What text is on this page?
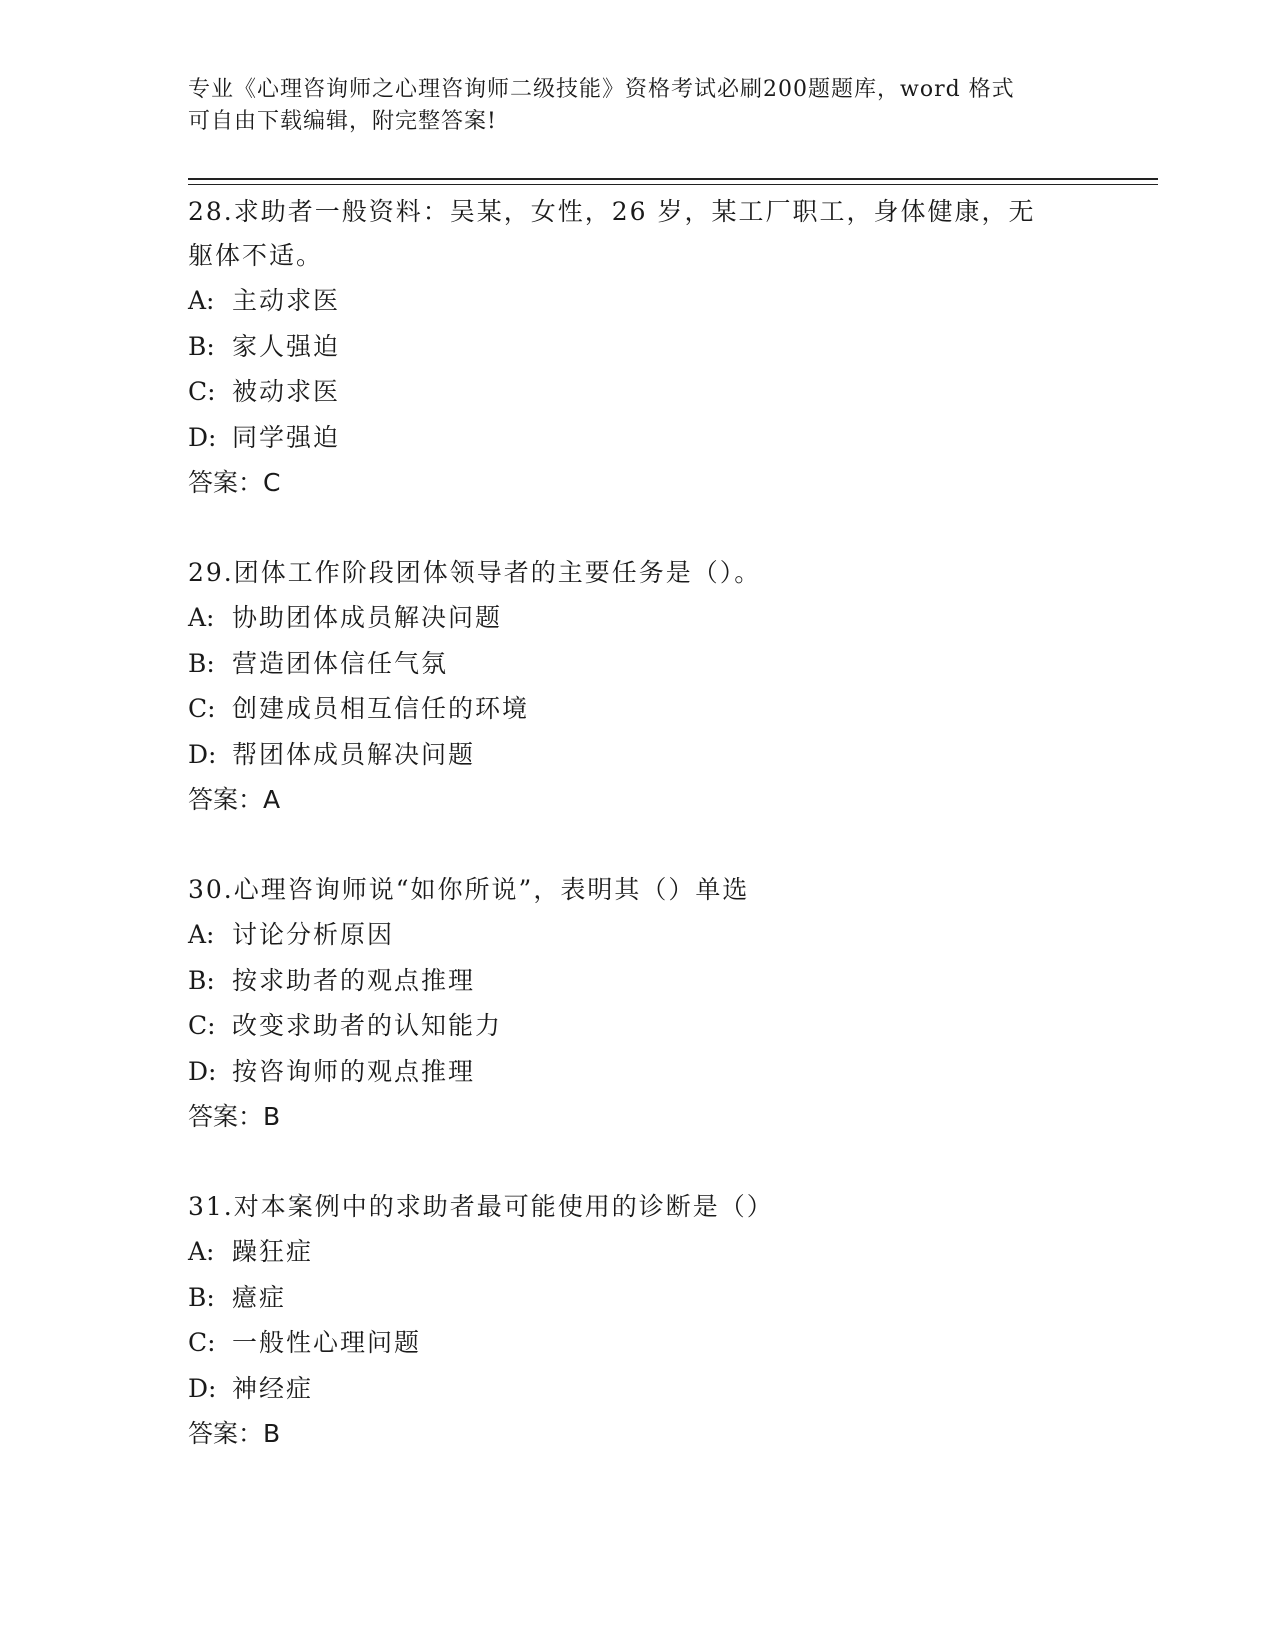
专业《心理咨询师之心理咨询师二级技能》资格考试必刷200题题库，word 格式
可自由下载编辑，附完整答案!

28.求助者一般资料：吴某，女性，26 岁，某工厂职工，身体健康，无

躯体不适。

A: 主动求医

B: 家人强迫

C: 被动求医

D: 同学强迫

答案：C

29.团体工作阶段团体领导者的主要任务是（）。

A: 协助团体成员解决问题

B: 营造团体信任气氛

C: 创建成员相互信任的环境

D: 帮团体成员解决问题

答案：A

30.心理咨询师说“如你所说”，表明其（）单选

A: 讨论分析原因

B: 按求助者的观点推理

C: 改变求助者的认知能力

D: 按咨询师的观点推理

答案：B

31.对本案例中的求助者最可能使用的诊断是（）

A: 躁狂症

B: 癔症

C: 一般性心理问题

D: 神经症

答案：B
